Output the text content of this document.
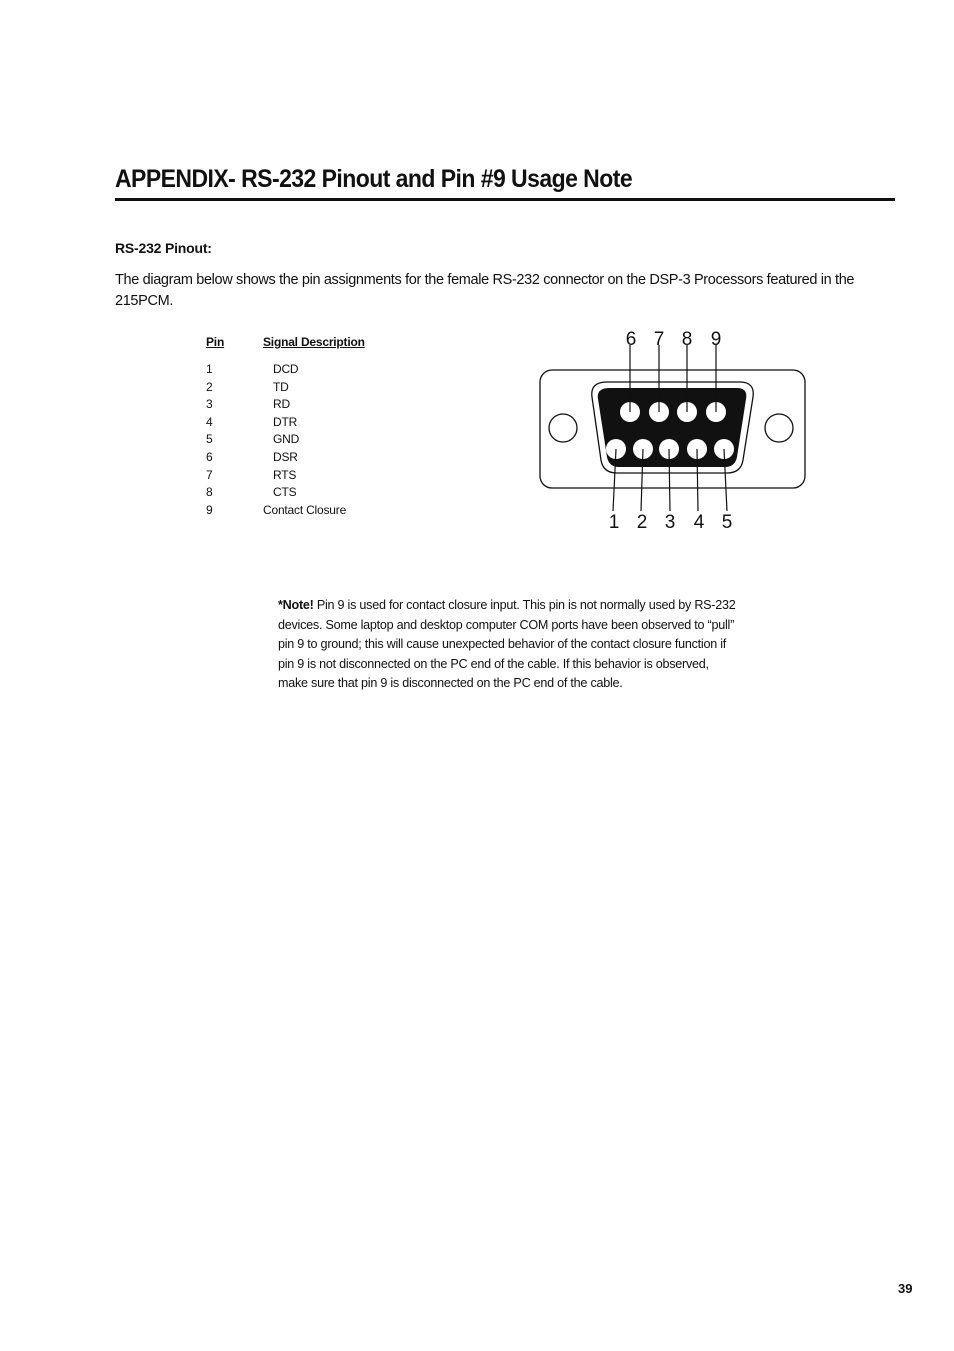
APPENDIX- RS-232 Pinout and Pin #9 Usage Note
RS-232 Pinout:

The diagram below shows the pin assignments for the female RS-232 connector on the DSP-3 Processors featured in the 215PCM.

Pin	Signal Description
1	DCD
2	TD
3	RD
4	DTR
5	GND
6	DSR
7	RTS
8	CTS
9	Contact Closure
6 7 8 9
1 2 3 4 5

*Note! Pin 9 is used for contact closure input. This pin is not normally used by RS-232 devices. Some laptop and desktop computer COM ports have been observed to “pull” pin 9 to ground; this will cause unexpected behavior of the contact closure function if pin 9 is not disconnected on the PC end of the cable. If this behavior is observed, make sure that pin 9 is disconnected on the PC end of the cable.

39
